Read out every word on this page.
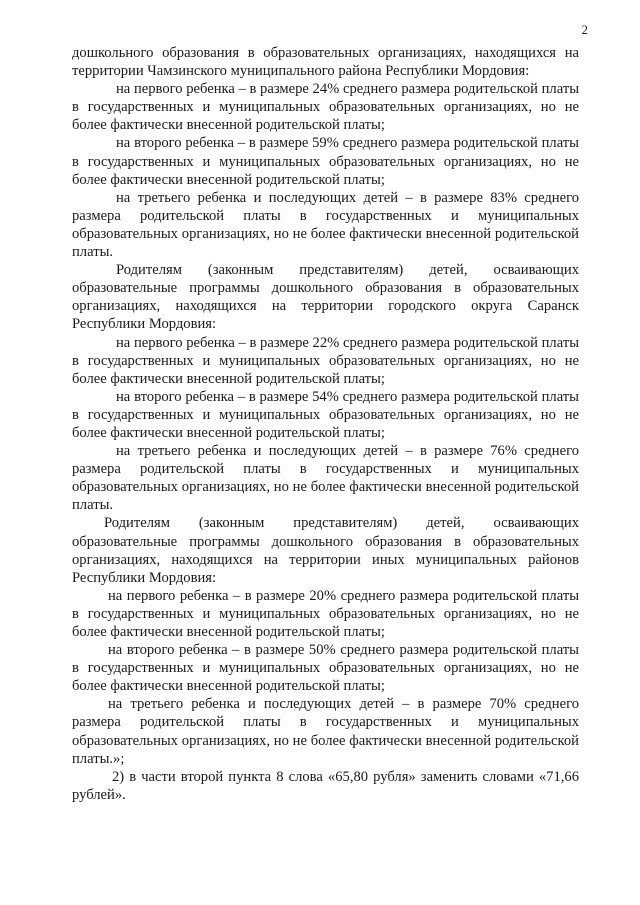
2

дошкольного образования в образовательных организациях, находящихся на территории Чамзинского муниципального района Республики Мордовия:

на первого ребенка – в размере 24% среднего размера родительской платы в государственных и муниципальных образовательных организациях, но не более фактически внесенной родительской платы;

на второго ребенка – в размере 59% среднего размера родительской платы в государственных и муниципальных образовательных организациях, но не более фактически внесенной родительской платы;

на третьего ребенка и последующих детей – в размере 83% среднего размера родительской платы в государственных и муниципальных образовательных организациях, но не более фактически внесенной родительской платы.

Родителям (законным представителям) детей, осваивающих образовательные программы дошкольного образования в образовательных организациях, находящихся на территории городского округа Саранск Республики Мордовия:

на первого ребенка – в размере 22% среднего размера родительской платы в государственных и муниципальных образовательных организациях, но не более фактически внесенной родительской платы;

на второго ребенка – в размере 54% среднего размера родительской платы в государственных и муниципальных образовательных организациях, но не более фактически внесенной родительской платы;

на третьего ребенка и последующих детей – в размере 76% среднего размера родительской платы в государственных и муниципальных образовательных организациях, но не более фактически внесенной родительской платы.

Родителям (законным представителям) детей, осваивающих образовательные программы дошкольного образования в образовательных организациях, находящихся на территории иных муниципальных районов Республики Мордовия:

на первого ребенка – в размере 20% среднего размера родительской платы в государственных и муниципальных образовательных организациях, но не более фактически внесенной родительской платы;

на второго ребенка – в размере 50% среднего размера родительской платы в государственных и муниципальных образовательных организациях, но не более фактически внесенной родительской платы;

на третьего ребенка и последующих детей – в размере 70% среднего размера родительской платы в государственных и муниципальных образовательных организациях, но не более фактически внесенной родительской платы.»;

2) в части второй пункта 8 слова «65,80 рубля» заменить словами «71,66 рублей».
